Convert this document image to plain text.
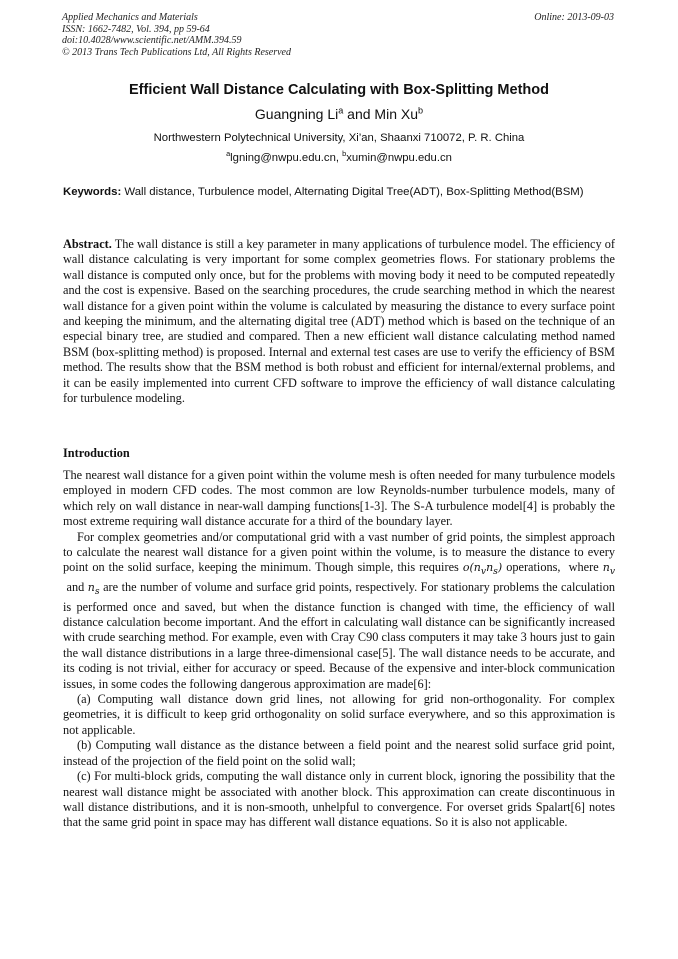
Applied Mechanics and Materials
ISSN: 1662-7482, Vol. 394, pp 59-64
doi:10.4028/www.scientific.net/AMM.394.59
© 2013 Trans Tech Publications Ltd, All Rights Reserved
Online: 2013-09-03
Efficient Wall Distance Calculating with Box-Splitting Method
Guangning Li$^a$ and Min Xu$^b$
Northwestern Polytechnical University, Xi’an, Shaanxi 710072, P. R. China
$^a$lgning@nwpu.edu.cn, $^b$xumin@nwpu.edu.cn
Keywords: Wall distance, Turbulence model, Alternating Digital Tree(ADT), Box-Splitting Method(BSM)
Abstract. The wall distance is still a key parameter in many applications of turbulence model. The efficiency of wall distance calculating is very important for some complex geometries flows. For stationary problems the wall distance is computed only once, but for the problems with moving body it need to be computed repeatedly and the cost is expensive. Based on the searching procedures, the crude searching method in which the nearest wall distance for a given point within the volume is calculated by measuring the distance to every surface point and keeping the minimum, and the alternating digital tree (ADT) method which is based on the technique of an especial binary tree, are studied and compared. Then a new efficient wall distance calculating method named BSM (box-splitting method) is proposed. Internal and external test cases are use to verify the efficiency of BSM method. The results show that the BSM method is both robust and efficient for internal/external problems, and it can be easily implemented into current CFD software to improve the efficiency of wall distance calculating for turbulence modeling.
Introduction

The nearest wall distance for a given point within the volume mesh is often needed for many turbulence models employed in modern CFD codes. The most common are low Reynolds-number turbulence models, many of which rely on wall distance in near-wall damping functions[1-3]. The S-A turbulence model[4] is probably the most extreme requiring wall distance accurate for a third of the boundary layer.

For complex geometries and/or computational grid with a vast number of grid points, the simplest approach to calculate the nearest wall distance for a given point within the volume, is to measure the distance to every point on the solid surface, keeping the minimum. Though simple, this requires $o(n_vn_s)$ operations,  where $n_v$ and $n_s$ are the number of volume and surface grid points, respectively. For stationary problems the calculation is performed once and saved, but when the distance function is changed with time, the efficiency of wall distance calculation become important. And the effort in calculating wall distance can be significantly increased with crude searching method. For example, even with Cray C90 class computers it may take 3 hours just to gain the wall distance distributions in a large three-dimensional case[5]. The wall distance needs to be accurate, and its coding is not trivial, either for accuracy or speed. Because of the expensive and inter-block communication issues, in some codes the following dangerous approximation are made[6]:

(a) Computing wall distance down grid lines, not allowing for grid non-orthogonality. For complex geometries, it is difficult to keep grid orthogonality on solid surface everywhere, and so this approximation is not applicable.

(b) Computing wall distance as the distance between a field point and the nearest solid surface grid point, instead of the projection of the field point on the solid wall;

(c) For multi-block grids, computing the wall distance only in current block, ignoring the possibility that the nearest wall distance might be associated with another block. This approximation can create discontinuous in wall distance distributions, and it is non-smooth, unhelpful to convergence. For overset grids Spalart[6] notes that the same grid point in space may has different wall distance equations. So it is also not applicable.
